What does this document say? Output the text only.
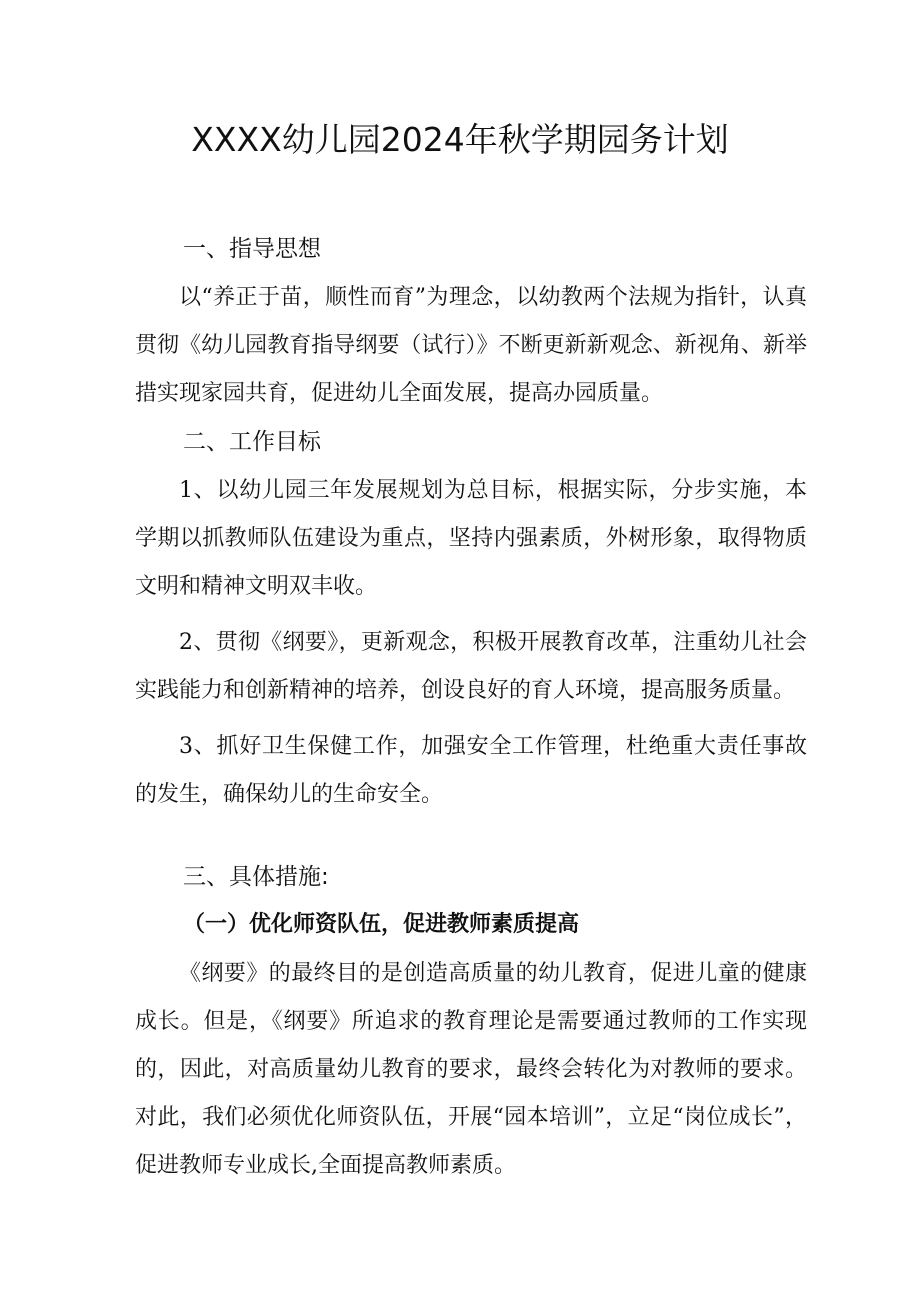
XXXX幼儿园2024年秋学期园务计划
一、指导思想

以“养正于苗，顺性而育”为理念，以幼教两个法规为指针，认真贯彻《幼儿园教育指导纲要（试行）》不断更新新观念、新视角、新举措实现家园共育，促进幼儿全面发展，提高办园质量。

二、工作目标

1、以幼儿园三年发展规划为总目标，根据实际，分步实施，本学期以抓教师队伍建设为重点，坚持内强素质，外树形象，取得物质文明和精神文明双丰收。

2、贯彻《纲要》，更新观念，积极开展教育改革，注重幼儿社会实践能力和创新精神的培养，创设良好的育人环境，提高服务质量。

3、抓好卫生保健工作，加强安全工作管理，杜绝重大责任事故的发生，确保幼儿的生命安全。

三、具体措施:
（一）优化师资队伍，促进教师素质提高

《纲要》的最终目的是创造高质量的幼儿教育，促进儿童的健康成长。但是，《纲要》所追求的教育理论是需要通过教师的工作实现的，因此，对高质量幼儿教育的要求，最终会转化为对教师的要求。对此，我们必须优化师资队伍，开展“园本培训”，立足“岗位成长”，促进教师专业成长,全面提高教师素质。
